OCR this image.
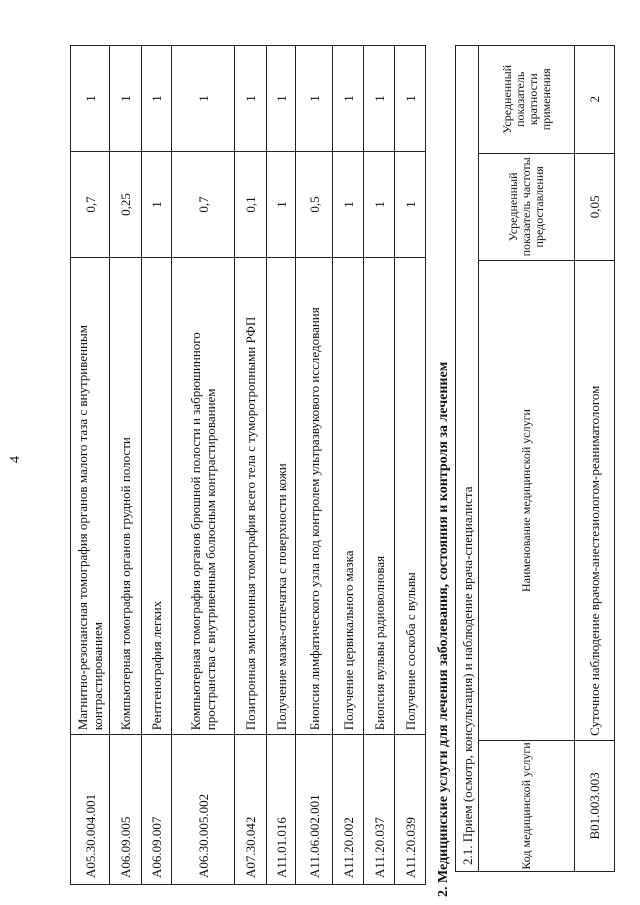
4
A05.30.004.001	Магнитно-резонансная томография органов малого таза с внутривенным контрастированием	0,7	1
A06.09.005	Компьютерная томография органов грудной полости	0,25	1
A06.09.007	Рентгенография легких	1	1
A06.30.005.002	Компьютерная томография органов брюшной полости и забрюшинного пространства с внутривенным болюсным контрастированием	0,7	1
A07.30.042	Позитронная эмиссионная томография всего тела с туморотропными РФП	0,1	1
A11.01.016	Получение мазка-отпечатка с поверхности кожи	1	1
A11.06.002.001	Биопсия лимфатического узла под контролем ультразвукового исследования	0,5	1
A11.20.002	Получение цервикального мазка	1	1
A11.20.037	Биопсия вульвы радиоволновая	1	1
A11.20.039	Получение соскоба с вульвы	1	1
2. Медицинские услуги для лечения заболевания, состояния и контроля за лечением 2.1. Прием (осмотр, консультация) и наблюдение врача-специалиста			
Код медицинской услуги	Наименование медицинской услуги	Усредненный показатель частоты предоставления	Усредненный показатель кратности применения
B01.003.003	Суточное наблюдение врачом-анестезиологом-реаниматологом	0,05	2
